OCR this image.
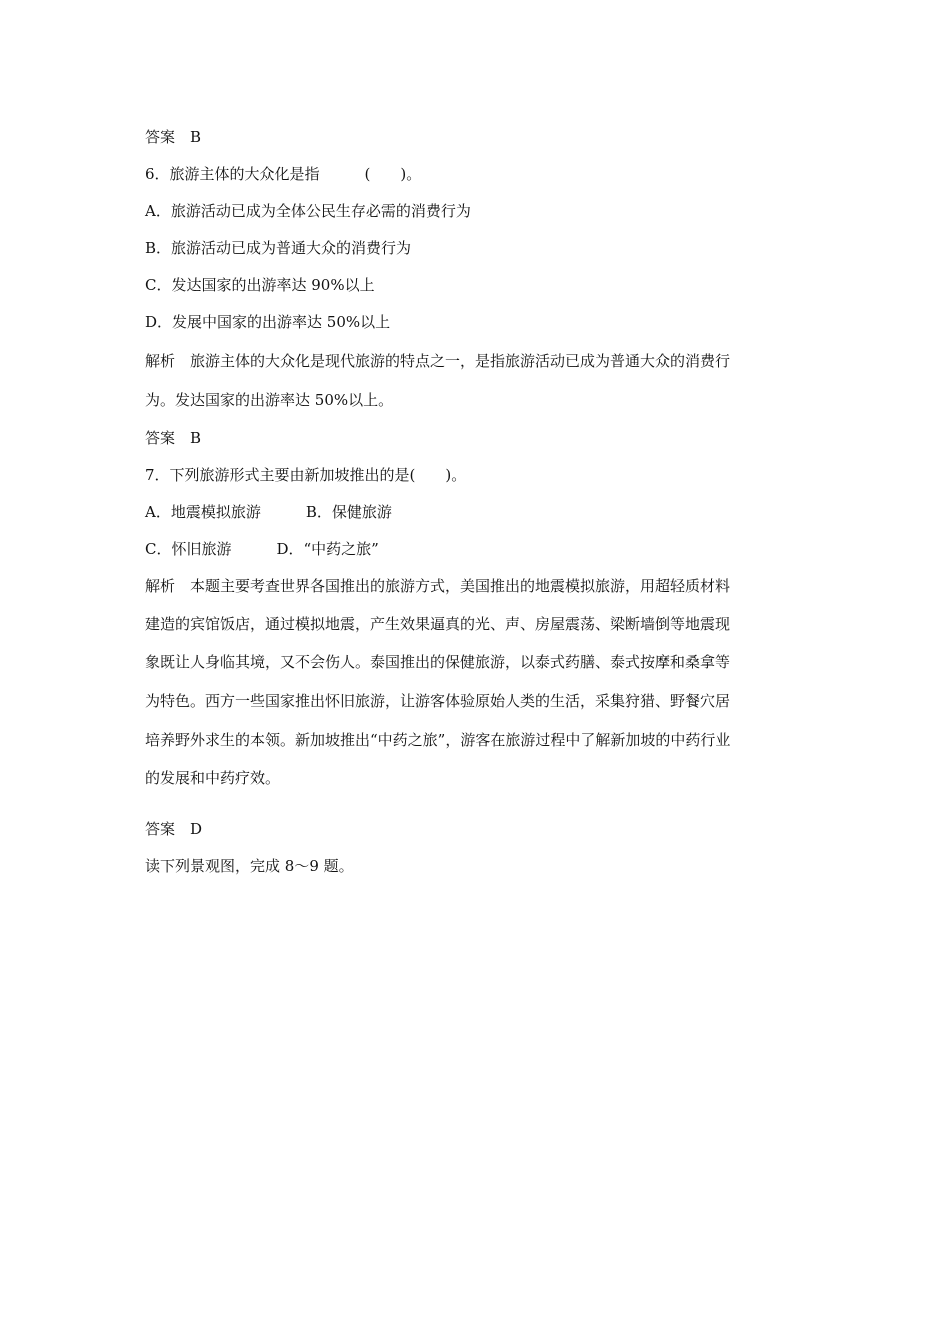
答案　B
6．旅游主体的大众化是指　　　(　　)。
A．旅游活动已成为全体公民生存必需的消费行为
B．旅游活动已成为普通大众的消费行为
C．发达国家的出游率达 90%以上
D．发展中国家的出游率达 50%以上
解析　旅游主体的大众化是现代旅游的特点之一，是指旅游活动已成为普通大众的消费行
为。发达国家的出游率达 50%以上。
答案　B
7．下列旅游形式主要由新加坡推出的是(　　)。
A．地震模拟旅游　　　B．保健旅游
C．怀旧旅游　　　D．“中药之旅”
解析　本题主要考查世界各国推出的旅游方式，美国推出的地震模拟旅游，用超轻质材料
建造的宾馆饭店，通过模拟地震，产生效果逼真的光、声、房屋震荡、梁断墙倒等地震现
象既让人身临其境，又不会伤人。泰国推出的保健旅游，以泰式药膳、泰式按摩和桑拿等
为特色。西方一些国家推出怀旧旅游，让游客体验原始人类的生活，采集狩猎、野餐穴居
培养野外求生的本领。新加坡推出“中药之旅”，游客在旅游过程中了解新加坡的中药行业
的发展和中药疗效。
答案　D
读下列景观图，完成 8～9 题。
